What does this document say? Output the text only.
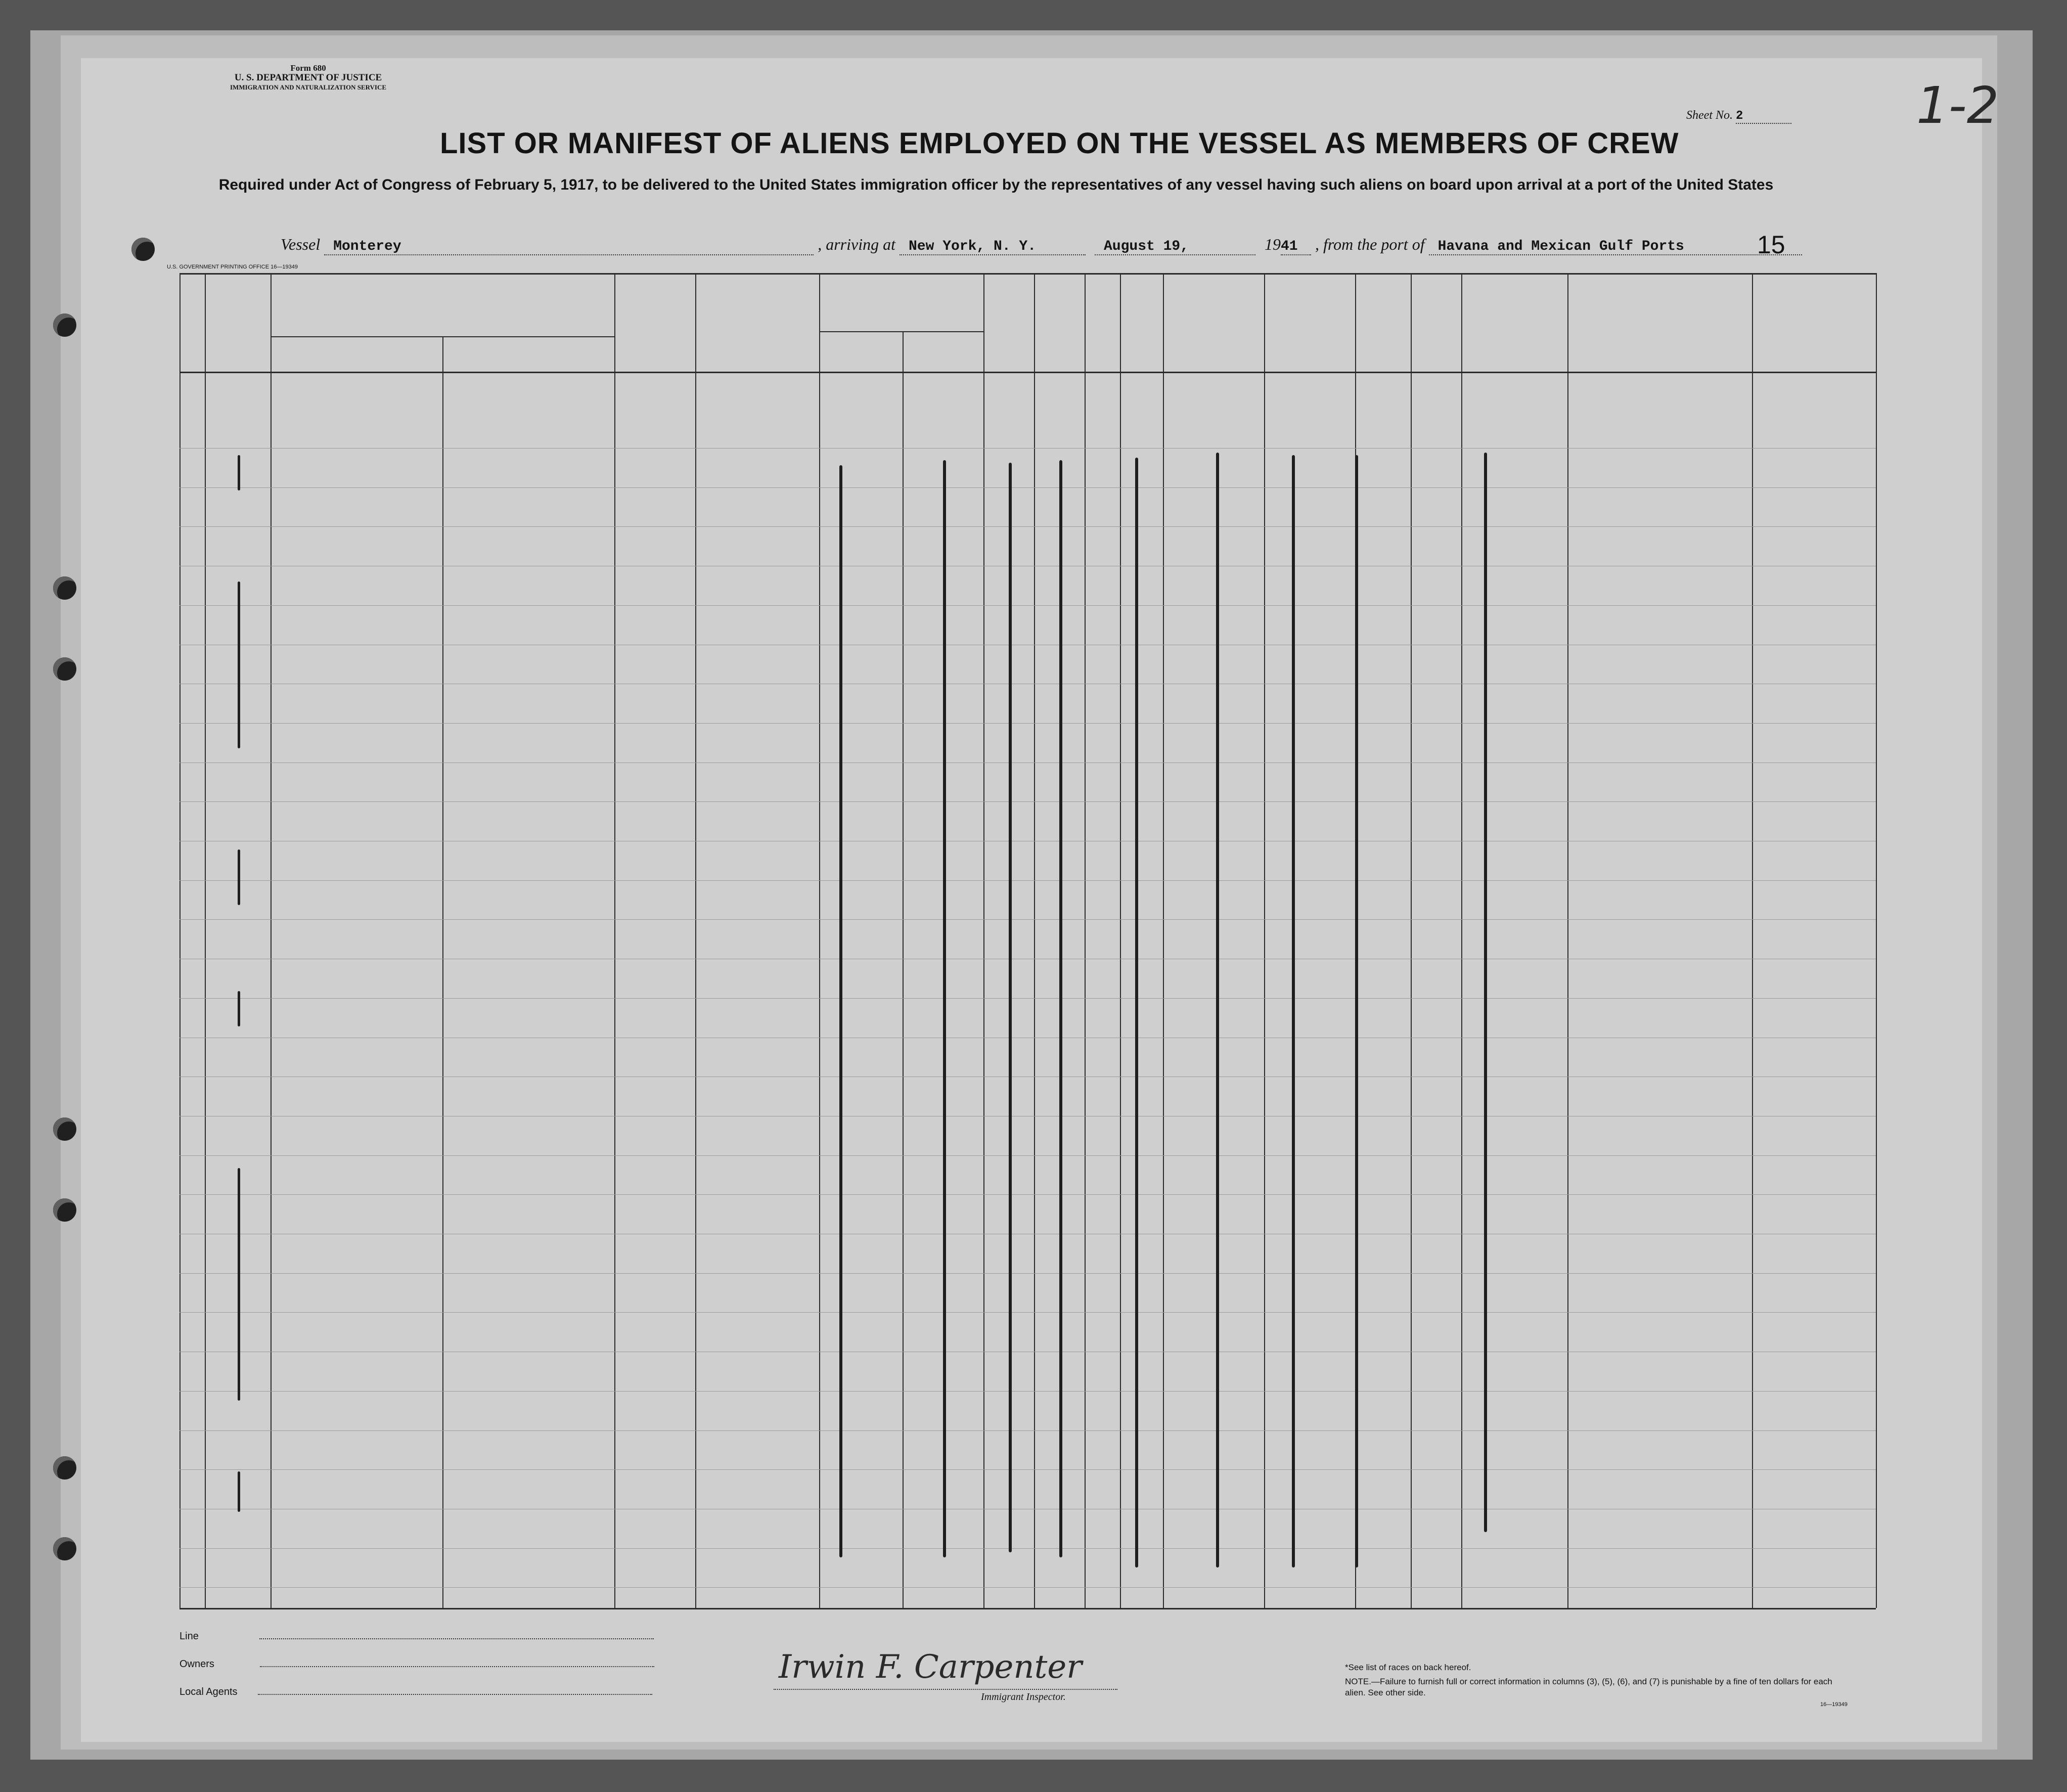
Form 680
U. S. DEPARTMENT OF JUSTICE
IMMIGRATION AND NATURALIZATION SERVICE
Sheet No. 2	1-2
LIST OR MANIFEST OF ALIENS EMPLOYED ON THE VESSEL AS MEMBERS OF CREW
Required under Act of Congress of February 5, 1917, to be delivered to the United States immigration officer by the representatives of any vessel having such aliens on board upon arrival at a port of the United States
Vessel Monterey	, arriving at New York, N. Y.	August 19,	1941 , from the port of Havana and Mexican Gulf Ports	15
U.S. GOVERNMENT PRINTING OFFICE 16—19349
Line
Owners
Local Agents
Irwin F. Carpenter
Immigrant Inspector.
*See list of races on back hereof.
NOTE.—Failure to furnish full or correct information in columns (3), (5), (6), and (7) is punishable by a fine of ten dollars for each alien. See other side.
16—19349
